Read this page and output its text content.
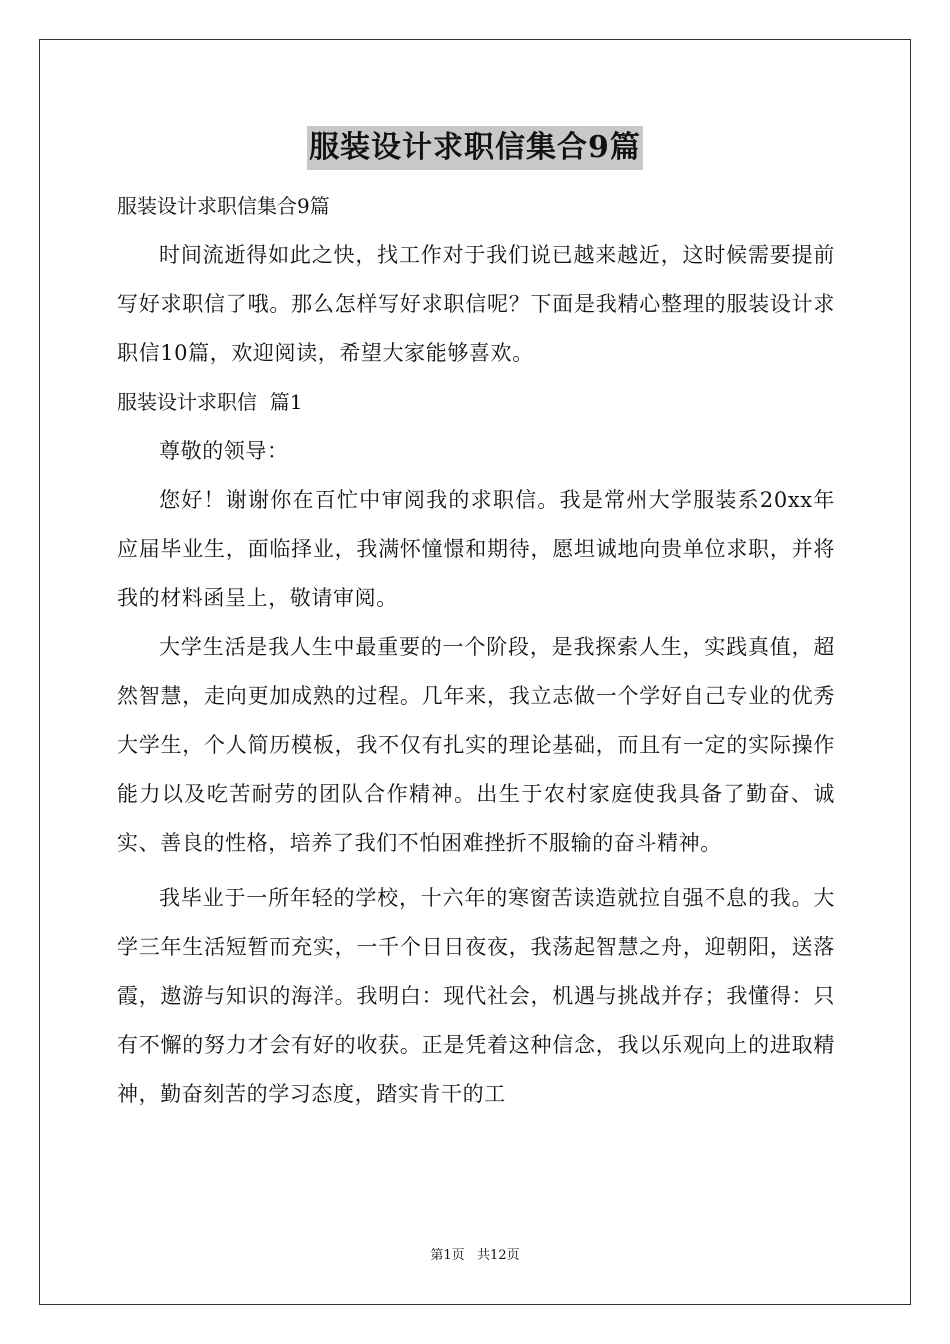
服装设计求职信集合9篇

服装设计求职信集合9篇

时间流逝得如此之快，找工作对于我们说已越来越近，这时候需要提前写好求职信了哦。那么怎样写好求职信呢？下面是我精心整理的服装设计求职信10篇，欢迎阅读，希望大家能够喜欢。

服装设计求职信  篇1

尊敬的领导：

您好！谢谢你在百忙中审阅我的求职信。我是常州大学服装系20xx年应届毕业生，面临择业，我满怀憧憬和期待，愿坦诚地向贵单位求职，并将我的材料函呈上，敬请审阅。

大学生活是我人生中最重要的一个阶段，是我探索人生，实践真值，超然智慧，走向更加成熟的过程。几年来，我立志做一个学好自己专业的优秀大学生，个人简历模板，我不仅有扎实的理论基础，而且有一定的实际操作能力以及吃苦耐劳的团队合作精神。出生于农村家庭使我具备了勤奋、诚实、善良的性格，培养了我们不怕困难挫折不服输的奋斗精神。

我毕业于一所年轻的学校，十六年的寒窗苦读造就拉自强不息的我。大学三年生活短暂而充实，一千个日日夜夜，我荡起智慧之舟，迎朝阳，送落霞，遨游与知识的海洋。我明白：现代社会，机遇与挑战并存；我懂得：只有不懈的努力才会有好的收获。正是凭着这种信念，我以乐观向上的进取精神，勤奋刻苦的学习态度，踏实肯干的工

第1页   共12页
